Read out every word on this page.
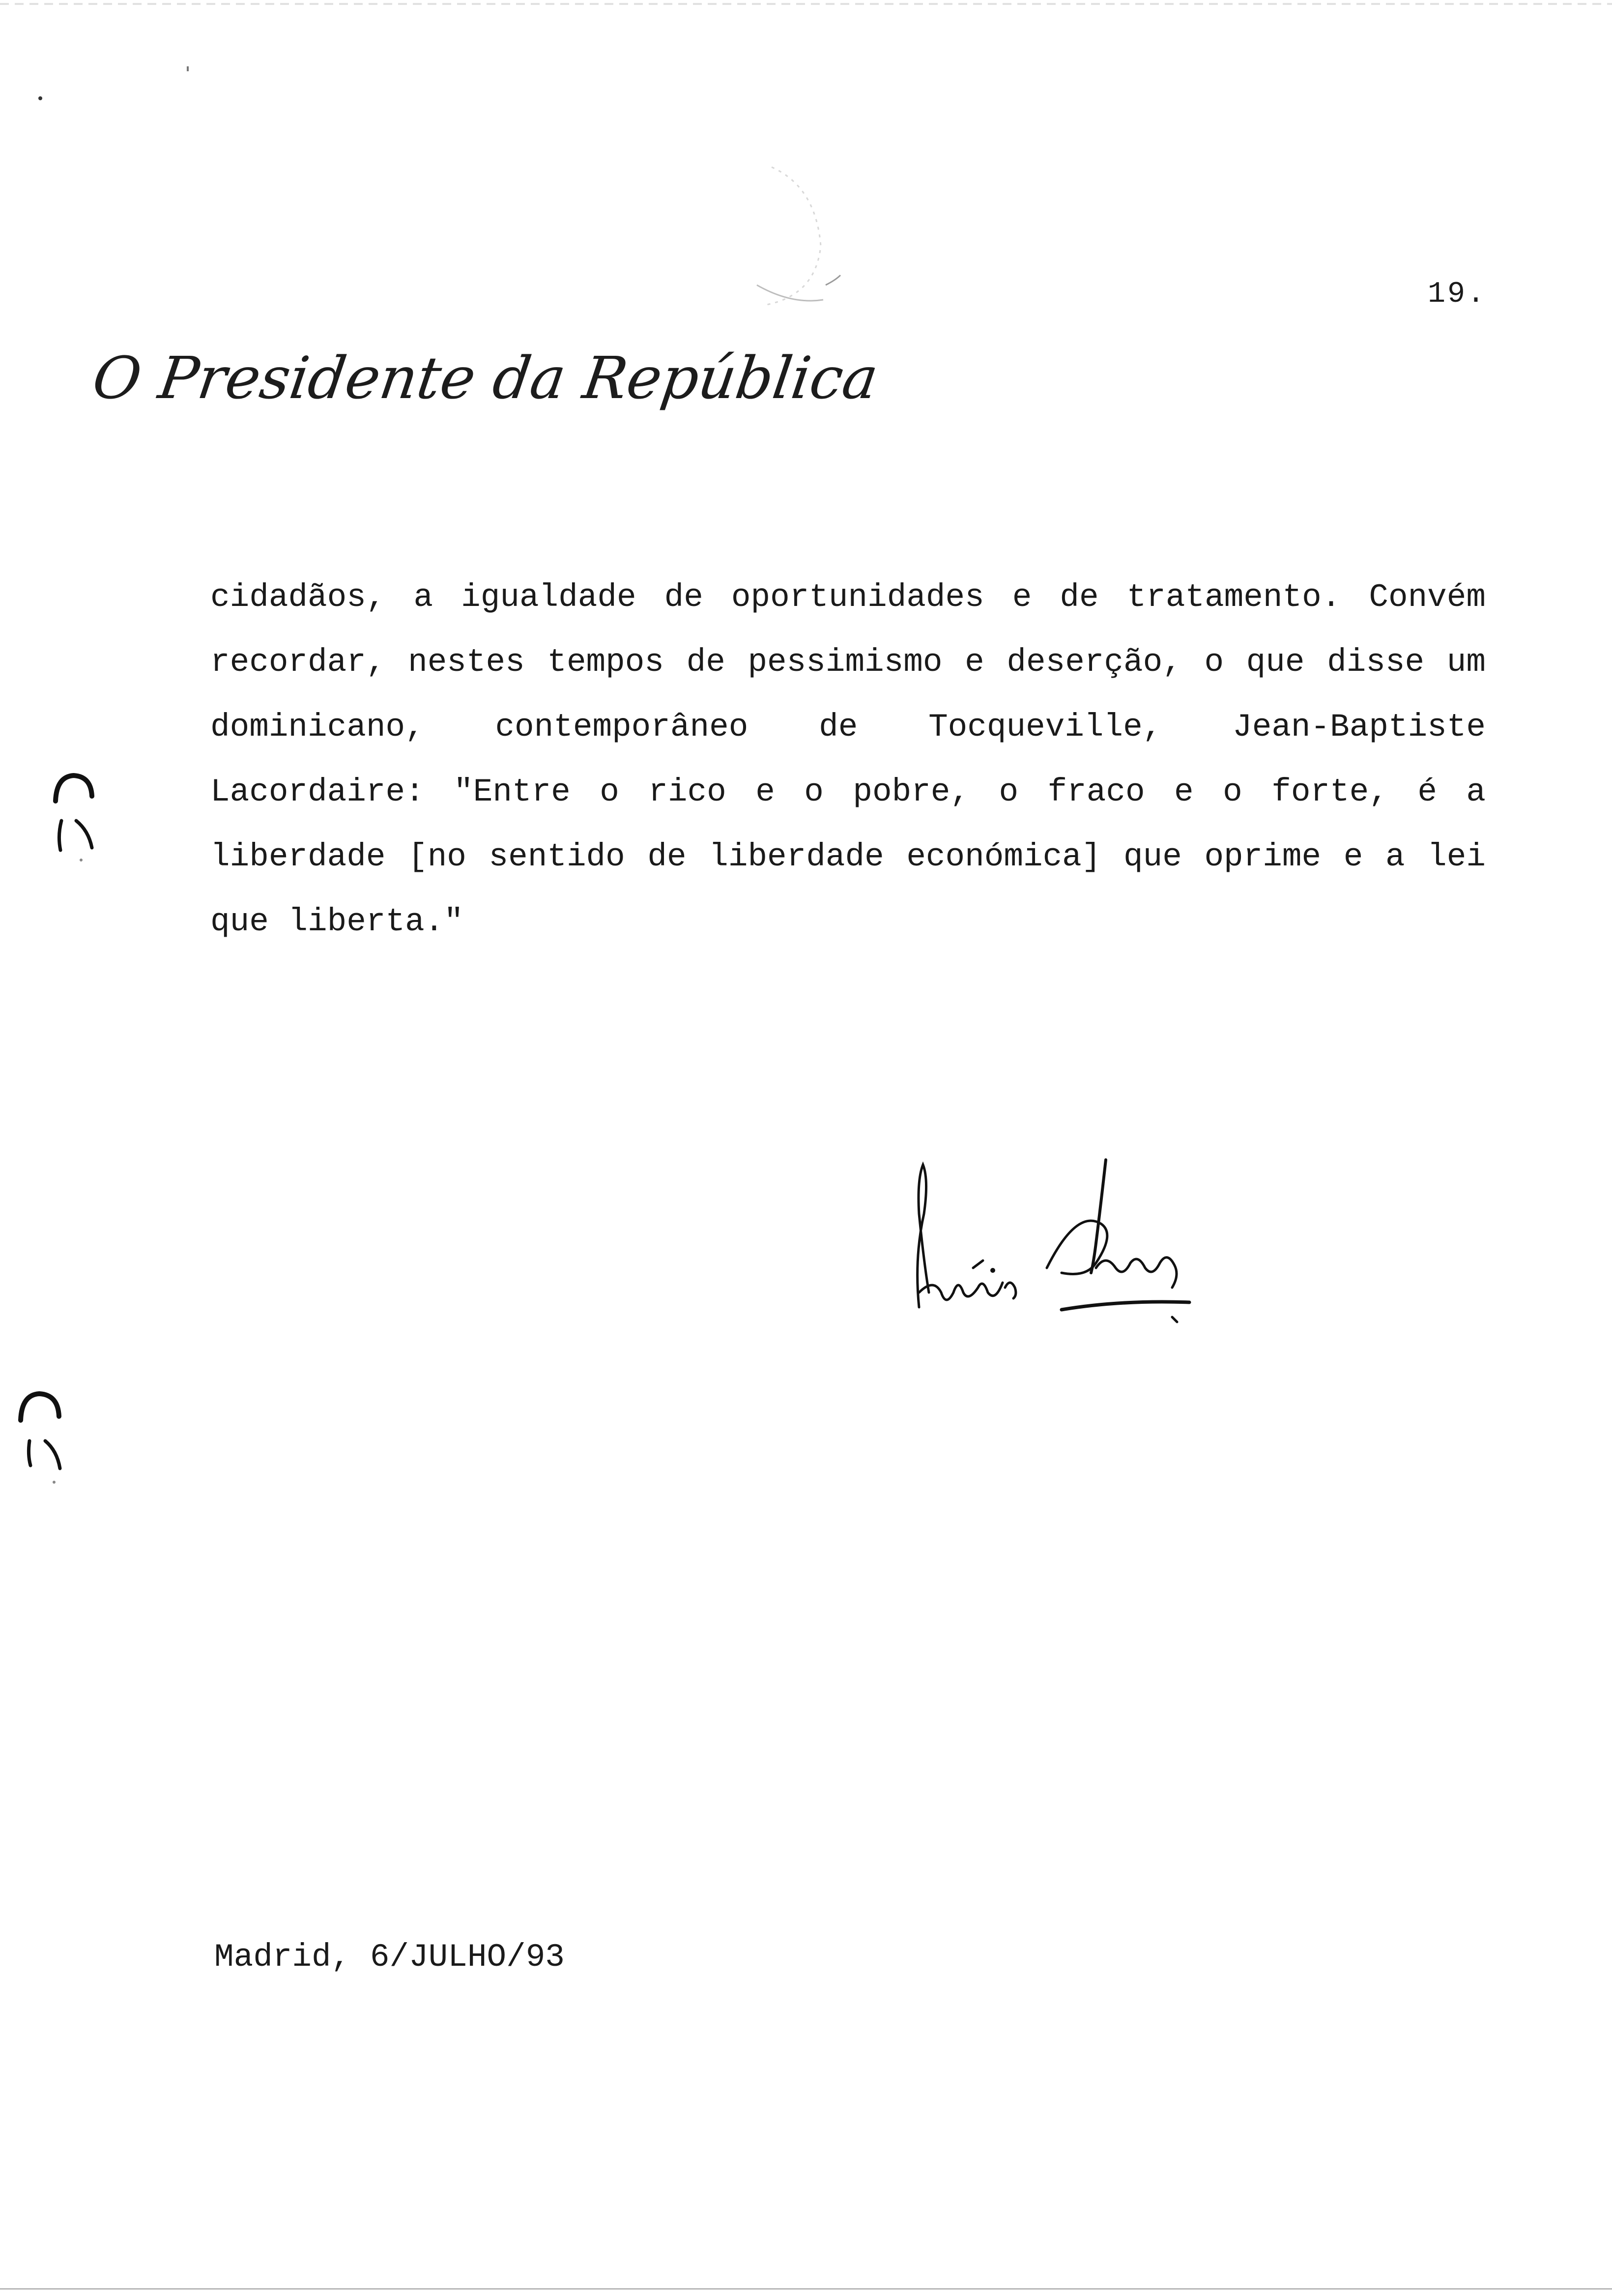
19.
O Presidente da República
cidadãos, a igualdade de oportunidades e de tratamento. Convém
recordar, nestes tempos de pessimismo e deserção, o que disse um
dominicano, contemporâneo de Tocqueville, Jean-Baptiste
Lacordaire: "Entre o rico e o pobre, o fraco e o forte, é a
liberdade [no sentido de liberdade económica] que oprime e a lei
que liberta."
Madrid, 6/JULHO/93
